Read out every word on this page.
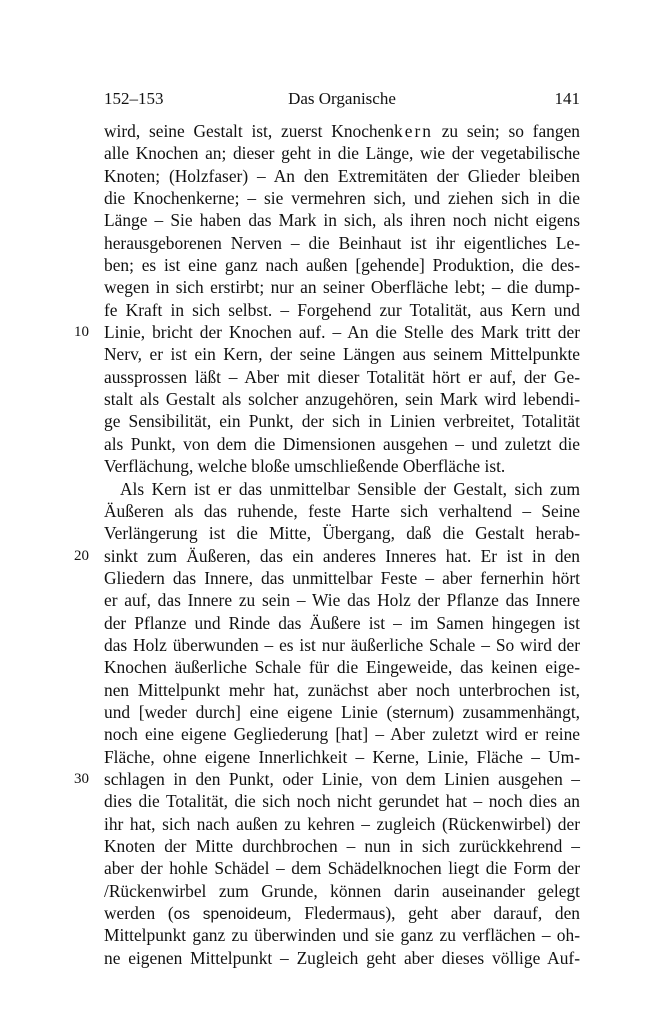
152–153	Das Organische	141
wird, seine Gestalt ist, zuerst Knochenkern zu sein; so fangen
alle Knochen an; dieser geht in die Länge, wie der vegetabilische
Knoten; (Holzfaser) – An den Extremitäten der Glieder bleiben
die Knochenkerne; – sie vermehren sich, und ziehen sich in die
Länge – Sie haben das Mark in sich, als ihren noch nicht eigens
herausgeborenen Nerven – die Beinhaut ist ihr eigentliches Le-
ben; es ist eine ganz nach außen [gehende] Produktion, die des-
wegen in sich erstirbt; nur an seiner Oberfläche lebt; – die dump-
fe Kraft in sich selbst. – Forgehend zur Totalität, aus Kern und
10 Linie, bricht der Knochen auf. – An die Stelle des Mark tritt der
Nerv, er ist ein Kern, der seine Längen aus seinem Mittelpunkte
aussprossen läßt – Aber mit dieser Totalität hört er auf, der Ge-
stalt als Gestalt als solcher anzugehören, sein Mark wird lebendi-
ge Sensibilität, ein Punkt, der sich in Linien verbreitet, Totalität
als Punkt, von dem die Dimensionen ausgehen – und zuletzt die
Verflächung, welche bloße umschließende Oberfläche ist.
Als Kern ist er das unmittelbar Sensible der Gestalt, sich zum
Äußeren als das ruhende, feste Harte sich verhaltend – Seine
Verlängerung ist die Mitte, Übergang, daß die Gestalt herab-
20 sinkt zum Äußeren, das ein anderes Inneres hat. Er ist in den
Gliedern das Innere, das unmittelbar Feste – aber fernerhin hört
er auf, das Innere zu sein – Wie das Holz der Pflanze das Innere
der Pflanze und Rinde das Äußere ist – im Samen hingegen ist
das Holz überwunden – es ist nur äußerliche Schale – So wird der
Knochen äußerliche Schale für die Eingeweide, das keinen eige-
nen Mittelpunkt mehr hat, zunächst aber noch unterbrochen ist,
und [weder durch] eine eigene Linie (sternum) zusammenhängt,
noch eine eigene Gegliederung [hat] – Aber zuletzt wird er reine
Fläche, ohne eigene Innerlichkeit – Kerne, Linie, Fläche – Um-
30 schlagen in den Punkt, oder Linie, von dem Linien ausgehen –
dies die Totalität, die sich noch nicht gerundet hat – noch dies an
ihr hat, sich nach außen zu kehren – zugleich (Rückenwirbel) der
Knoten der Mitte durchbrochen – nun in sich zurückkehrend –
aber der hohle Schädel – dem Schädelknochen liegt die Form der
/Rückenwirbel zum Grunde, können darin auseinander gelegt
werden (os spenoideum, Fledermaus), geht aber darauf, den
Mittelpunkt ganz zu überwinden und sie ganz zu verflächen – oh-
ne eigenen Mittelpunkt – Zugleich geht aber dieses völlige Auf-
